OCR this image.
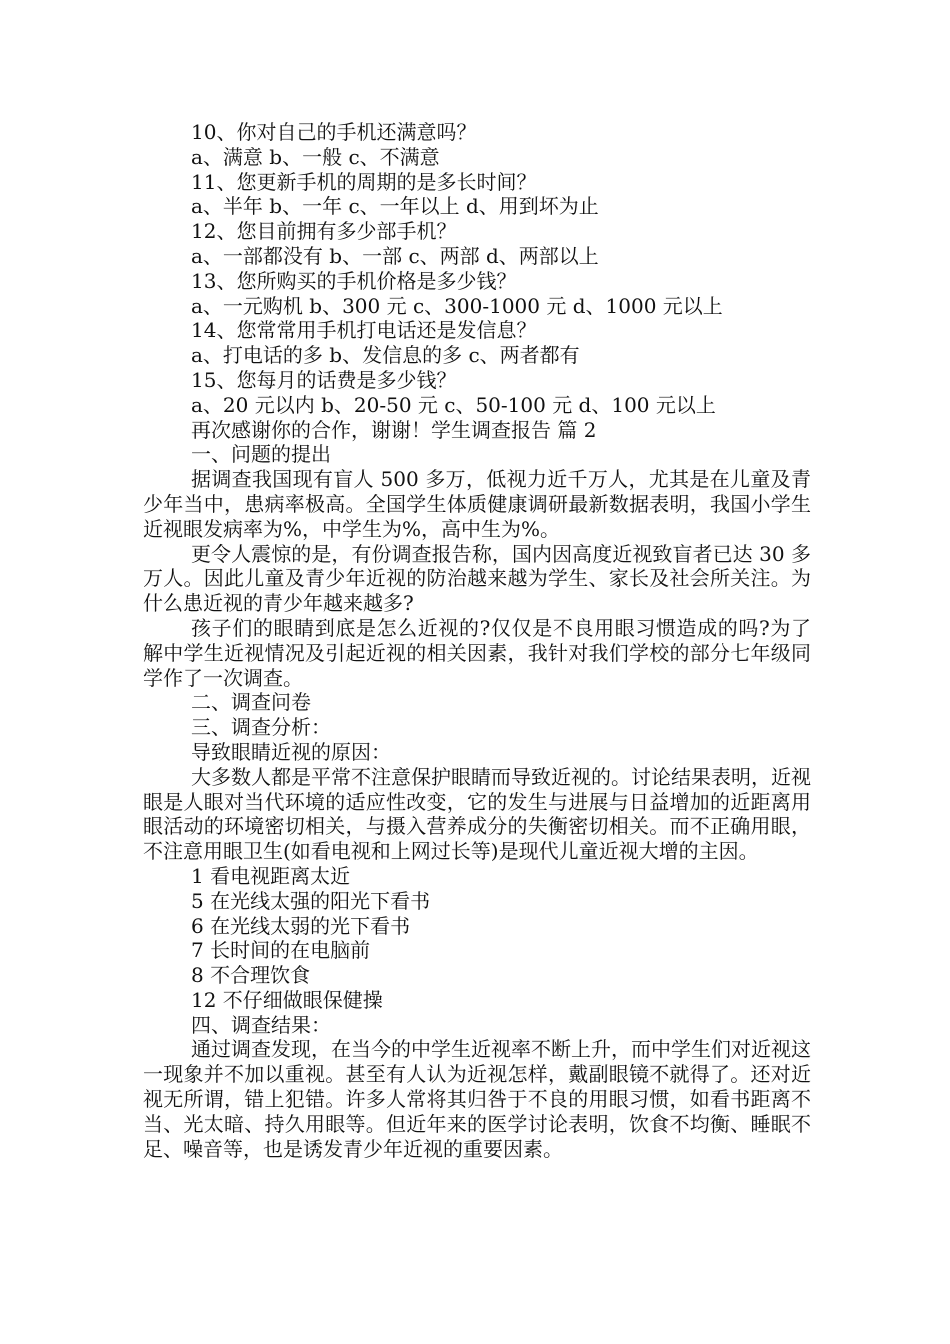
10、你对自己的手机还满意吗？

a、满意 b、一般 c、不满意

11、您更新手机的周期的是多长时间？

a、半年 b、一年 c、一年以上 d、用到坏为止

12、您目前拥有多少部手机？

a、一部都没有 b、一部 c、两部 d、两部以上

13、您所购买的手机价格是多少钱？

a、一元购机 b、300 元 c、300-1000 元 d、1000 元以上

14、您常常用手机打电话还是发信息？

a、打电话的多 b、发信息的多 c、两者都有

15、您每月的话费是多少钱？

a、20 元以内 b、20-50 元 c、50-100 元 d、100 元以上

再次感谢你的合作，谢谢！学生调查报告 篇 2

一、问题的提出

据调查我国现有盲人 500 多万，低视力近千万人，尤其是在儿童及青少年当中，患病率极高。全国学生体质健康调研最新数据表明，我国小学生近视眼发病率为%，中学生为%，高中生为%。

更令人震惊的是，有份调查报告称，国内因高度近视致盲者已达 30 多万人。因此儿童及青少年近视的防治越来越为学生、家长及社会所关注。为什么患近视的青少年越来越多?

孩子们的眼睛到底是怎么近视的?仅仅是不良用眼习惯造成的吗?为了解中学生近视情况及引起近视的相关因素，我针对我们学校的部分七年级同学作了一次调查。

二、调查问卷

三、调查分析：

导致眼睛近视的原因：

大多数人都是平常不注意保护眼睛而导致近视的。讨论结果表明，近视眼是人眼对当代环境的适应性改变，它的发生与进展与日益增加的近距离用眼活动的环境密切相关，与摄入营养成分的失衡密切相关。而不正确用眼，不注意用眼卫生(如看电视和上网过长等)是现代儿童近视大增的主因。

1 看电视距离太近

5 在光线太强的阳光下看书

6 在光线太弱的光下看书

7 长时间的在电脑前

8 不合理饮食

12 不仔细做眼保健操

四、调查结果：

通过调查发现，在当今的中学生近视率不断上升，而中学生们对近视这一现象并不加以重视。甚至有人认为近视怎样，戴副眼镜不就得了。还对近视无所谓，错上犯错。许多人常将其归咎于不良的用眼习惯，如看书距离不当、光太暗、持久用眼等。但近年来的医学讨论表明，饮食不均衡、睡眠不足、噪音等，也是诱发青少年近视的重要因素。
